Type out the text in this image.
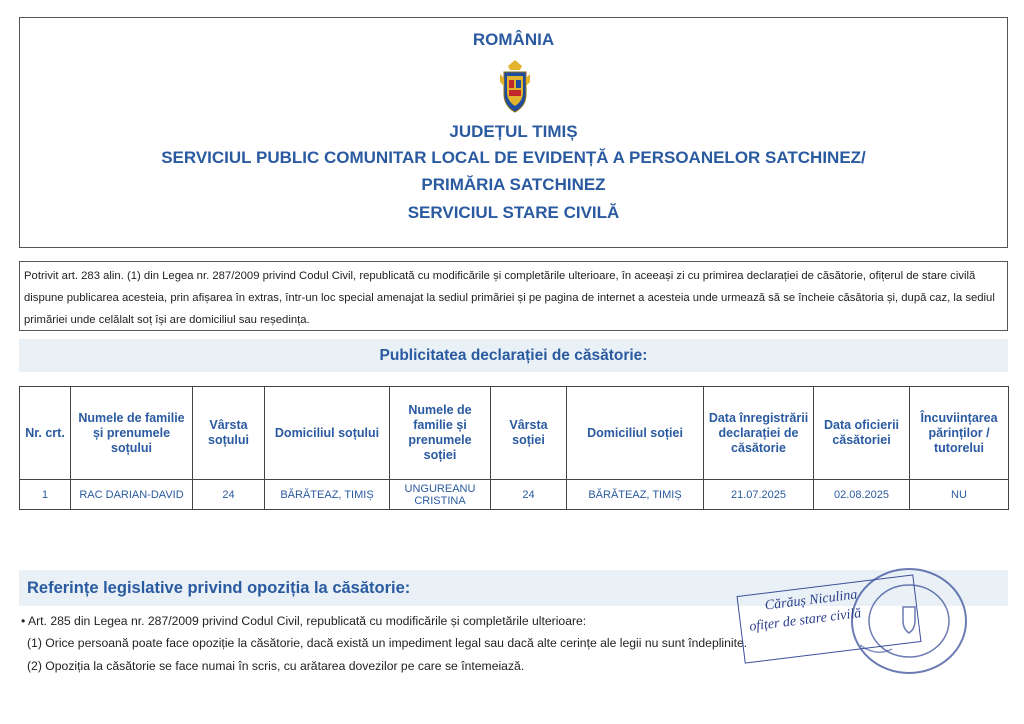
ROMÂNIA
JUDEȚUL TIMIȘ
SERVICIUL PUBLIC COMUNITAR LOCAL DE EVIDENȚĂ A PERSOANELOR SATCHINEZ/
PRIMĂRIA SATCHINEZ
SERVICIUL STARE CIVILĂ
Potrivit art. 283 alin. (1) din Legea nr. 287/2009 privind Codul Civil, republicată cu modificările și completările ulterioare, în aceeași zi cu primirea declarației de căsătorie, ofițerul de stare civilă dispune publicarea acesteia, prin afișarea în extras, într-un loc special amenajat la sediul primăriei și pe pagina de internet a acesteia unde urmează să se încheie căsătoria și, după caz, la sediul primăriei unde celălalt soț își are domiciliul sau reședința.
Publicitatea declarației de căsătorie:
Nr. crt.	Numele de familie și prenumele soțului	Vârsta soțului	Domiciliul soțului	Numele de familie și prenumele soției	Vârsta soției	Domiciliul soției	Data înregistrării declarației de căsătorie	Data oficierii căsătoriei	Încuviințarea părinților / tutorelui
1	RAC DARIAN-DAVID	24	BĂRĂTEAZ, TIMIȘ	UNGUREANU CRISTINA	24	BĂRĂTEAZ, TIMIȘ	21.07.2025	02.08.2025	NU
Referințe legislative privind opoziția la căsătorie:
• Art. 285 din Legea nr. 287/2009 privind Codul Civil, republicată cu modificările și completările ulterioare:
(1) Orice persoană poate face opoziție la căsătorie, dacă există un impediment legal sau dacă alte cerințe ale legii nu sunt îndeplinite.
(2) Opoziția la căsătorie se face numai în scris, cu arătarea dovezilor pe care se întemeiază.
Cărăuș Niculina
ofițer de stare civilă
